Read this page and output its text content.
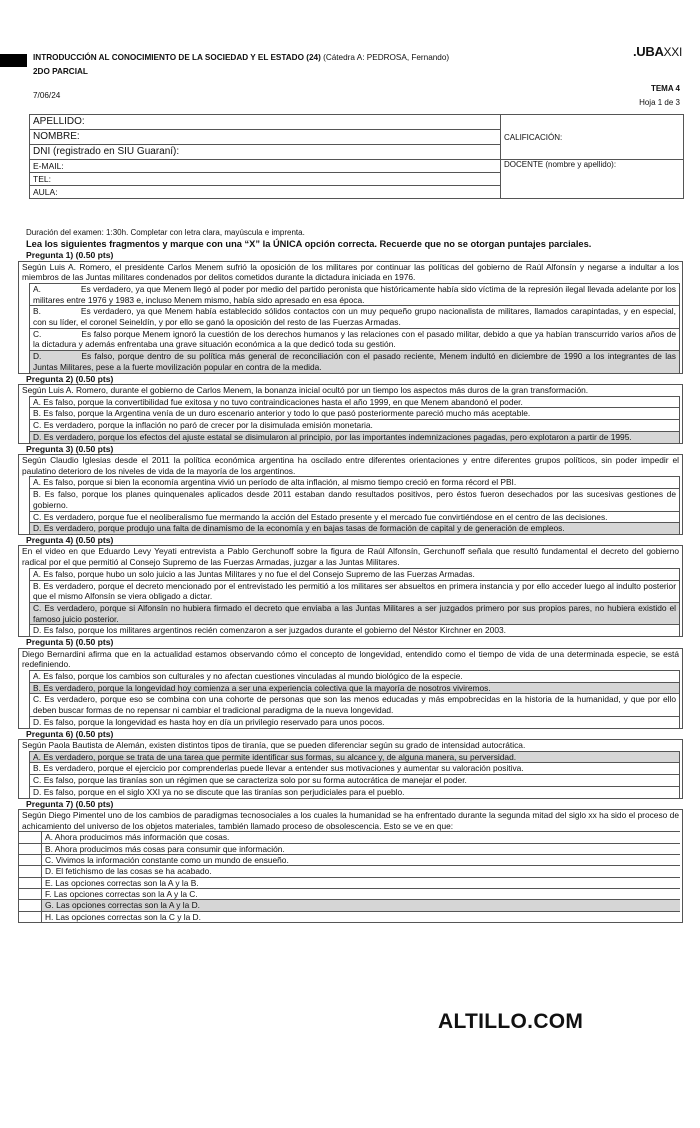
INTRODUCCIÓN AL CONOCIMIENTO DE LA SOCIEDAD Y EL ESTADO (24) (Cátedra A: PEDROSA, Fernando)
2DO PARCIAL
7/06/24
.UBAXXI
TEMA 4
Hoja 1 de 3
APELLIDO:	CALIFICACIÓN:
NOMBRE:	
DNI (registrado en SIU Guaraní):	
E-MAIL:	DOCENTE (nombre y apellido):
TEL:	
AULA:	
Duración del examen: 1:30h. Completar con letra clara, mayúscula e imprenta.
Lea los siguientes fragmentos y marque con una “X” la ÚNICA opción correcta. Recuerde que no se otorgan puntajes parciales.
Pregunta 1) (0.50 pts)
Según Luis A. Romero, el presidente Carlos Menem sufrió la oposición de los militares por continuar las políticas del gobierno de Raúl Alfonsín y negarse a indultar a los miembros de las Juntas militares condenados por delitos cometidos durante la dictadura iniciada en 1976.
A.	Es verdadero, ya que Menem llegó al poder por medio del partido peronista que históricamente había sido víctima de la represión ilegal llevada adelante por los militares entre 1976 y 1983 e, incluso Menem mismo, había sido apresado en esa época.
B.	Es verdadero, ya que Menem había establecido sólidos contactos con un muy pequeño grupo nacionalista de militares, llamados carapintadas, y en especial, con su líder, el coronel Seineldín, y por ello se ganó la oposición del resto de las Fuerzas Armadas.
C.	Es falso porque Menem ignoró la cuestión de los derechos humanos y las relaciones con el pasado militar, debido a que ya habían transcurrido varios años de la dictadura y además enfrentaba una grave situación económica a la que dedicó toda su gestión.
D.	Es falso, porque dentro de su política más general de reconciliación con el pasado reciente, Menem indultó en diciembre de 1990 a los integrantes de las Juntas Militares, pese a la fuerte movilización popular en contra de la medida.
Pregunta 2) (0.50 pts)
Según Luis A. Romero, durante el gobierno de Carlos Menem, la bonanza inicial ocultó por un tiempo los aspectos más duros de la gran transformación.
A. Es falso, porque la convertibilidad fue exitosa y no tuvo contraindicaciones hasta el año 1999, en que Menem abandonó el poder.
B. Es falso, porque la Argentina venía de un duro escenario anterior y todo lo que pasó posteriormente pareció mucho más aceptable.
C. Es verdadero, porque la inflación no paró de crecer por la disimulada emisión monetaria.
D. Es verdadero, porque los efectos del ajuste estatal se disimularon al principio, por las importantes indemnizaciones pagadas, pero explotaron a partir de 1995.
Pregunta 3) (0.50 pts)
Según Claudio Iglesias desde el 2011 la política económica argentina ha oscilado entre diferentes orientaciones y entre diferentes grupos políticos, sin poder impedir el paulatino deterioro de los niveles de vida de la mayoría de los argentinos.
A. Es falso, porque si bien la economía argentina vivió un período de alta inflación, al mismo tiempo creció en forma récord el PBI.
B. Es falso, porque los planes quinquenales aplicados desde 2011 estaban dando resultados positivos, pero éstos fueron desechados por las sucesivas gestiones de gobierno.
C. Es verdadero, porque fue el neoliberalismo fue mermando la acción del Estado presente y el mercado fue convirtiéndose en el centro de las decisiones.
D. Es verdadero, porque produjo una falta de dinamismo de la economía y en bajas tasas de formación de capital y de generación de empleos.
Pregunta 4) (0.50 pts)
En el video en que Eduardo Levy Yeyati entrevista a Pablo Gerchunoff sobre la figura de Raúl Alfonsín, Gerchunoff señala que resultó fundamental el decreto del gobierno radical por el que permitió al Consejo Supremo de las Fuerzas Armadas, juzgar a las Juntas Militares.
A. Es falso, porque hubo un solo juicio a las Juntas Militares y no fue el del Consejo Supremo de las Fuerzas Armadas.
B. Es verdadero, porque el decreto mencionado por el entrevistado les permitió a los militares ser absueltos en primera instancia y por ello acceder luego al indulto posterior que el mismo Alfonsín se viera obligado a dictar.
C. Es verdadero, porque si Alfonsín no hubiera firmado el decreto que enviaba a las Juntas Militares a ser juzgados primero por sus propios pares, no hubiera existido el famoso juicio posterior.
D. Es falso, porque los militares argentinos recién comenzaron a ser juzgados durante el gobierno del Néstor Kirchner en 2003.
Pregunta 5) (0.50 pts)
Diego Bernardini afirma que en la actualidad estamos observando cómo el concepto de longevidad, entendido como el tiempo de vida de una determinada especie, se está redefiniendo.
A. Es falso, porque los cambios son culturales y no afectan cuestiones vinculadas al mundo biológico de la especie.
B. Es verdadero, porque la longevidad hoy comienza a ser una experiencia colectiva que la mayoría de nosotros viviremos.
C. Es verdadero, porque eso se combina con una cohorte de personas que son las menos educadas y más empobrecidas en la historia de la humanidad, y que por ello deben buscar formas de no repensar ni cambiar el tradicional paradigma de la nueva longevidad.
D. Es falso, porque la longevidad es hasta hoy en día un privilegio reservado para unos pocos.
Pregunta 6) (0.50 pts)
Según Paola Bautista de Alemán, existen distintos tipos de tiranía, que se pueden diferenciar según su grado de intensidad autocrática.
A. Es verdadero, porque se trata de una tarea que permite identificar sus formas, su alcance y, de alguna manera, su perversidad.
B. Es verdadero, porque el ejercicio por comprenderlas puede llevar a entender sus motivaciones y aumentar su valoración positiva.
C. Es falso, porque las tiranías son un régimen que se caracteriza solo por su forma autocrática de manejar el poder.
D. Es falso, porque en el siglo XXI ya no se discute que las tiranías son perjudiciales para el pueblo.
Pregunta 7) (0.50 pts)
Según Diego Pimentel uno de los cambios de paradigmas tecnosociales a los cuales la humanidad se ha enfrentado durante la segunda mitad del siglo xx ha sido el proceso de achicamiento del universo de los objetos materiales, también llamado proceso de obsolescencia. Esto se ve en que:
A. Ahora producimos más información que cosas.
B. Ahora producimos más cosas para consumir que información.
C. Vivimos la información constante como un mundo de ensueño.
D. El fetichismo de las cosas se ha acabado.
E. Las opciones correctas son la A y la B.
F. Las opciones correctas son la A y la C.
G. Las opciones correctas son la A y la D.
H. Las opciones correctas son la C y la D.
ALTILLO.COM
